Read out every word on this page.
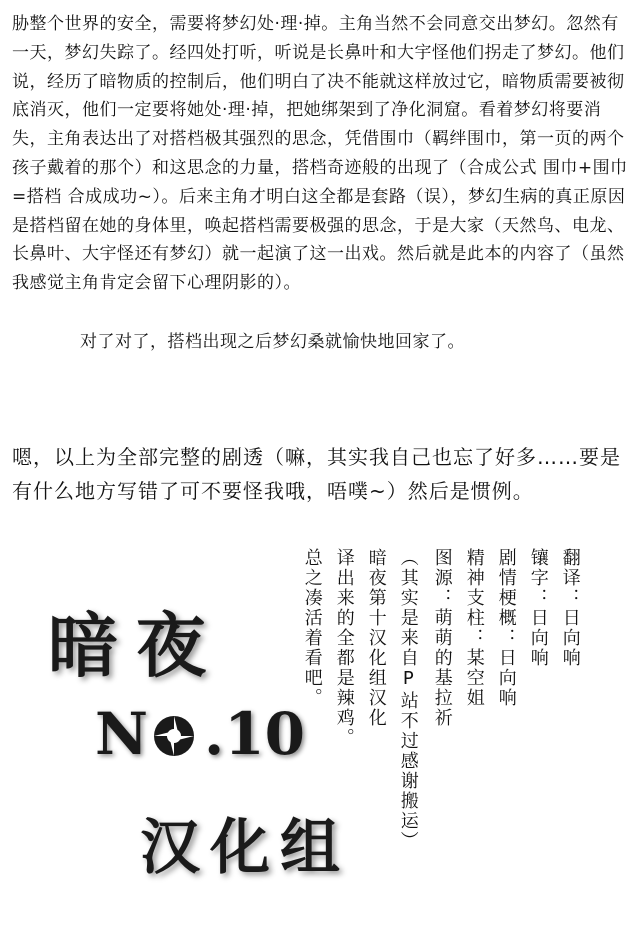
胁整个世界的安全，需要将梦幻处·理·掉。主角当然不会同意交出梦幻。忽然有一天，梦幻失踪了。经四处打听，听说是长鼻叶和大宇怪他们拐走了梦幻。他们说，经历了暗物质的控制后，他们明白了决不能就这样放过它，暗物质需要被彻底消灭，他们一定要将她处·理·掉，把她绑架到了净化洞窟。看着梦幻将要消失，主角表达出了对搭档极其强烈的思念，凭借围巾（羁绊围巾，第一页的两个孩子戴着的那个）和这思念的力量，搭档奇迹般的出现了（合成公式 围巾+围巾=搭档 合成成功~）。后来主角才明白这全都是套路（误），梦幻生病的真正原因是搭档留在她的身体里，唤起搭档需要极强的思念，于是大家（天然鸟、电龙、长鼻叶、大宇怪还有梦幻）就一起演了这一出戏。然后就是此本的内容了（虽然我感觉主角肯定会留下心理阴影的）。

对了对了，搭档出现之后梦幻桑就愉快地回家了。

嗯，以上为全部完整的剧透（嘛，其实我自己也忘了好多……要是有什么地方写错了可不要怪我哦，唔噗~）然后是惯例。

翻译：日向响
镶字：日向响
剧情梗概：日向响
精神支柱：某空姐
图源：萌萌的基拉祈
（其实是来自P站不过感谢搬运）
暗夜第十汉化组汉化
译出来的全都是辣鸡。
总之凑活着看吧。
暗夜
N .10
汉化组
